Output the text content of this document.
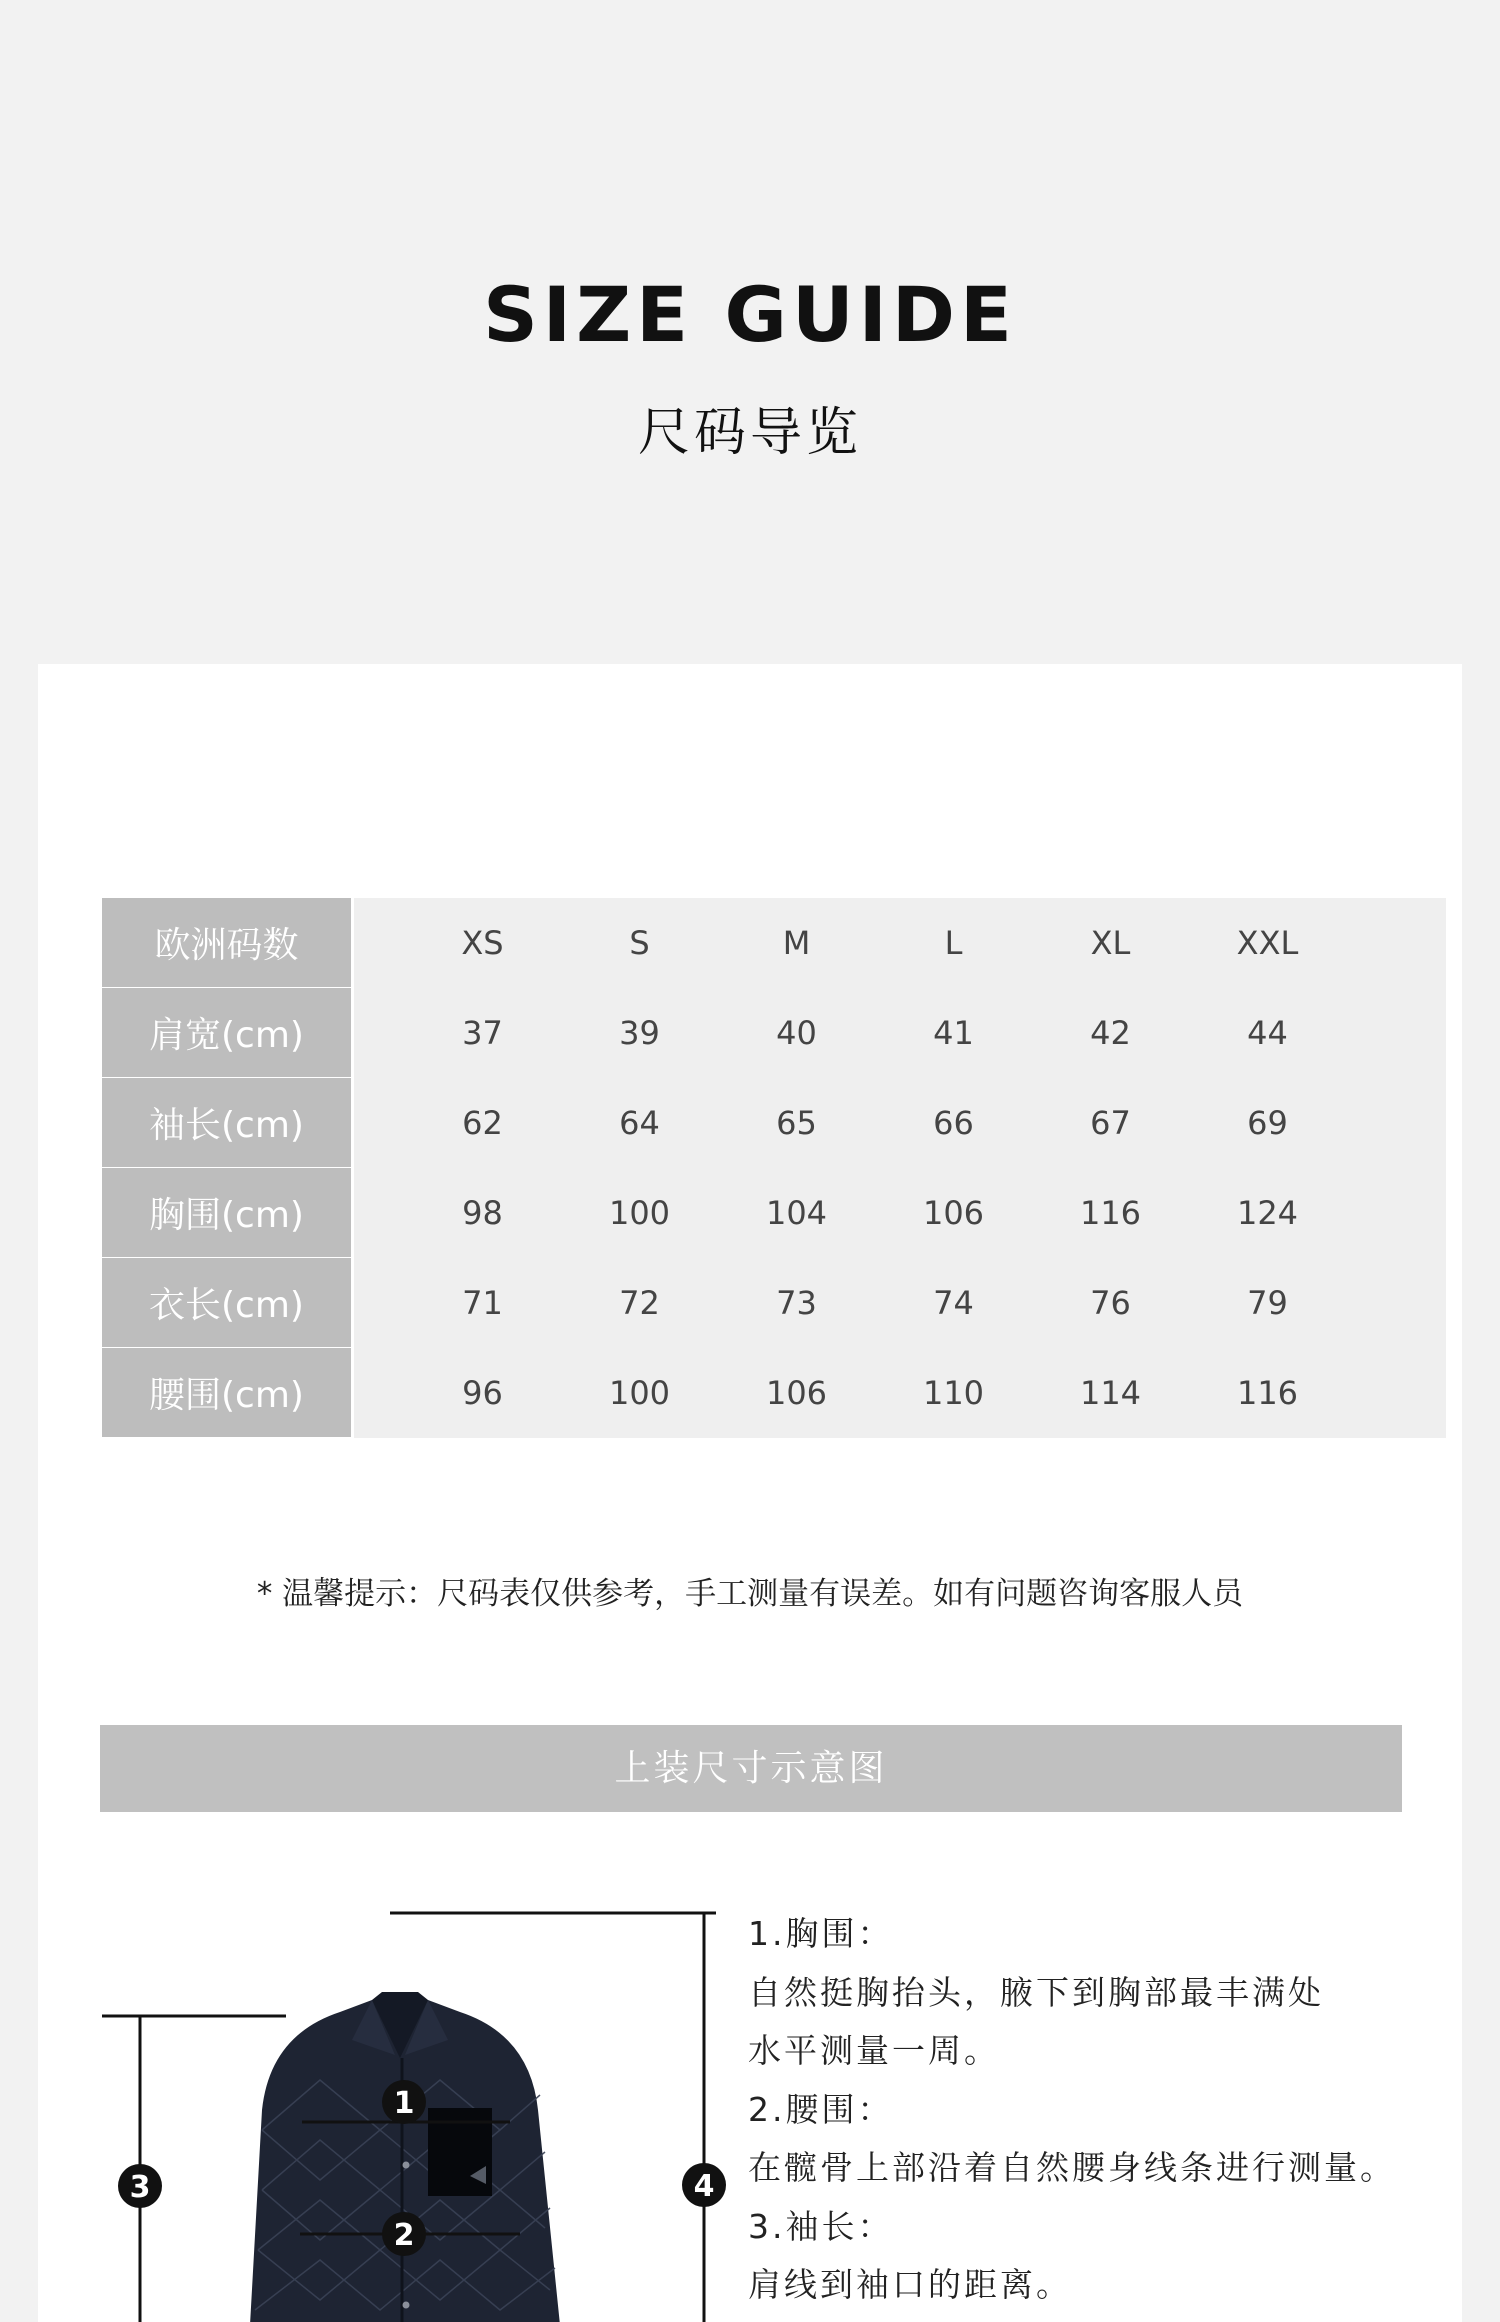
SIZE GUIDE
尺码导览
欧洲码数		XS	S	M	L	XL	XXL	
肩宽(cm)		37	39	40	41	42	44	
袖长(cm)		62	64	65	66	67	69	
胸围(cm)		98	100	104	106	116	124	
衣长(cm)		71	72	73	74	76	79	
腰围(cm)		96	100	106	110	114	116	
* 温馨提示：尺码表仅供参考，手工测量有误差。如有问题咨询客服人员
上装尺寸示意图
1
2
3	4
1.胸围：
自然挺胸抬头，腋下到胸部最丰满处
水平测量一周。
2.腰围：
在髋骨上部沿着自然腰身线条进行测量。
3.袖长：
肩线到袖口的距离。
